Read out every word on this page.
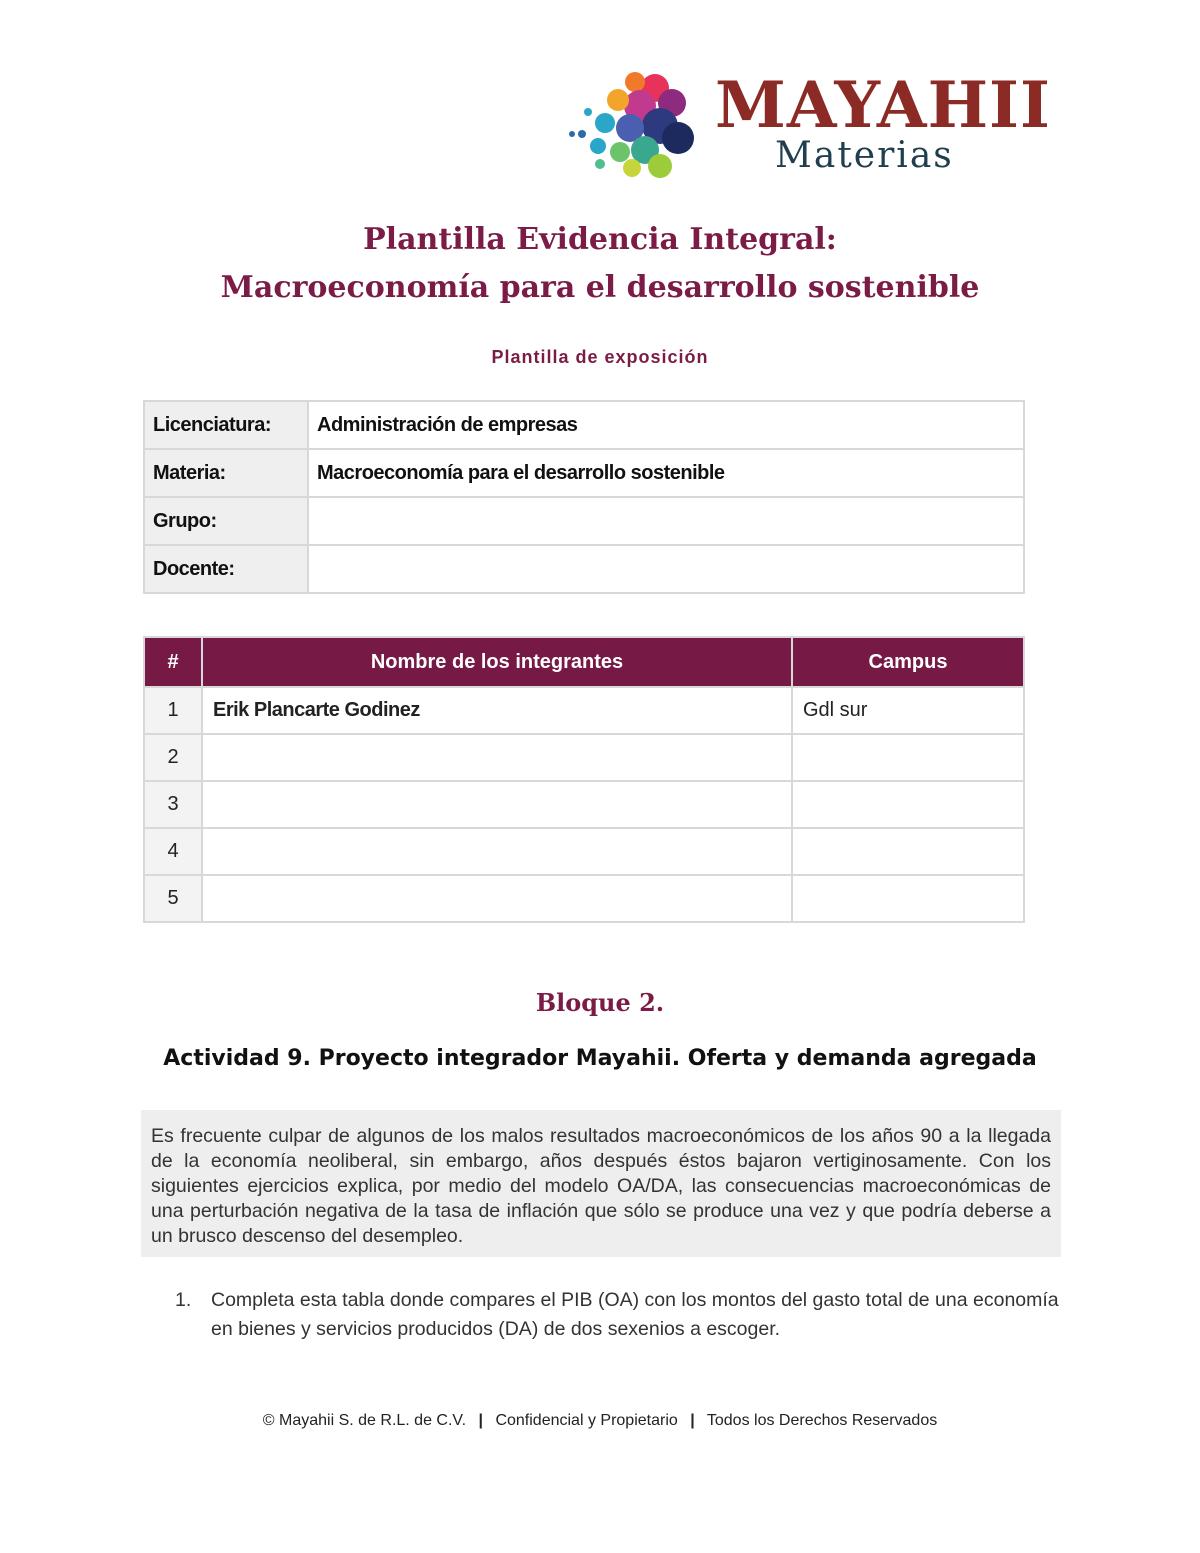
MAYAHII
Materias
Plantilla Evidencia Integral:
Macroeconomía para el desarrollo sostenible
Plantilla de exposición
Licenciatura:	Administración de empresas
Materia:	Macroeconomía para el desarrollo sostenible
Grupo:	
Docente:	
#	Nombre de los integrantes	Campus
1	Erik Plancarte Godinez	Gdl sur
2		
3		
4		
5		
Bloque 2.
Actividad 9. Proyecto integrador Mayahii. Oferta y demanda agregada
Es frecuente culpar de algunos de los malos resultados macroeconómicos de los años 90 a la llegada de la economía neoliberal, sin embargo, años después éstos bajaron vertiginosamente. Con los siguientes ejercicios explica, por medio del modelo OA/DA, las consecuencias macroeconómicas de una perturbación negativa de la tasa de inflación que sólo se produce una vez y que podría deberse a un brusco descenso del desempleo.
1. Completa esta tabla donde compares el PIB (OA) con los montos del gasto total de una economía en bienes y servicios producidos (DA) de dos sexenios a escoger.
© Mayahii S. de R.L. de C.V. | Confidencial y Propietario | Todos los Derechos Reservados
